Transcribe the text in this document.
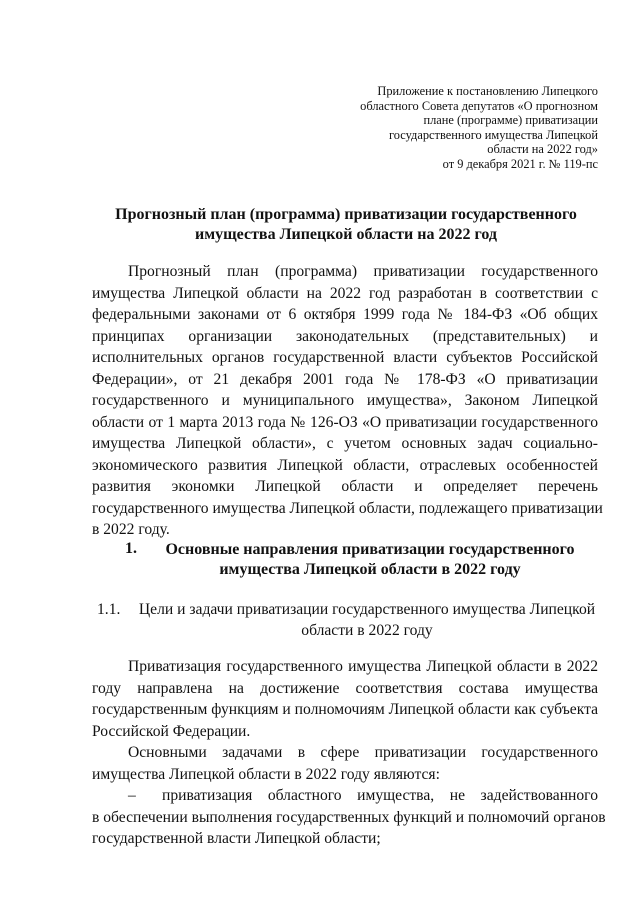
Приложение к постановлению Липецкого
областного Совета депутатов «О прогнозном
плане (программе) приватизации
государственного имущества Липецкой
области на 2022 год»
от 9 декабря 2021 г. № 119-пс
Прогнозный план (программа) приватизации государственного
имущества Липецкой области на 2022 год
Прогнозный план (программа) приватизации государственного
имущества Липецкой области на 2022 год разработан в соответствии с
федеральными законами от 6 октября 1999 года № 184-ФЗ «Об общих
принципах организации законодательных (представительных) и
исполнительных органов государственной власти субъектов Российской
Федерации», от 21 декабря 2001 года № 178-ФЗ «О приватизации
государственного и муниципального имущества», Законом Липецкой
области от 1 марта 2013 года № 126-ОЗ «О приватизации государственного
имущества Липецкой области», с учетом основных задач социально-
экономического развития Липецкой области, отраслевых особенностей
развития экономки Липецкой области и определяет перечень
государственного имущества Липецкой области, подлежащего приватизации
в 2022 году.
1.	Основные направления приватизации государственного
имущества Липецкой области в 2022 году
1.1.	Цели и задачи приватизации государственного имущества Липецкой
области в 2022 году
Приватизация государственного имущества Липецкой области в 2022
году направлена на достижение соответствия состава имущества
государственным функциям и полномочиям Липецкой области как субъекта
Российской Федерации.
Основными задачами в сфере приватизации государственного
имущества Липецкой области в 2022 году являются:
–	приватизация областного имущества, не задействованного
в обеспечении выполнения государственных функций и полномочий органов
государственной власти Липецкой области;
